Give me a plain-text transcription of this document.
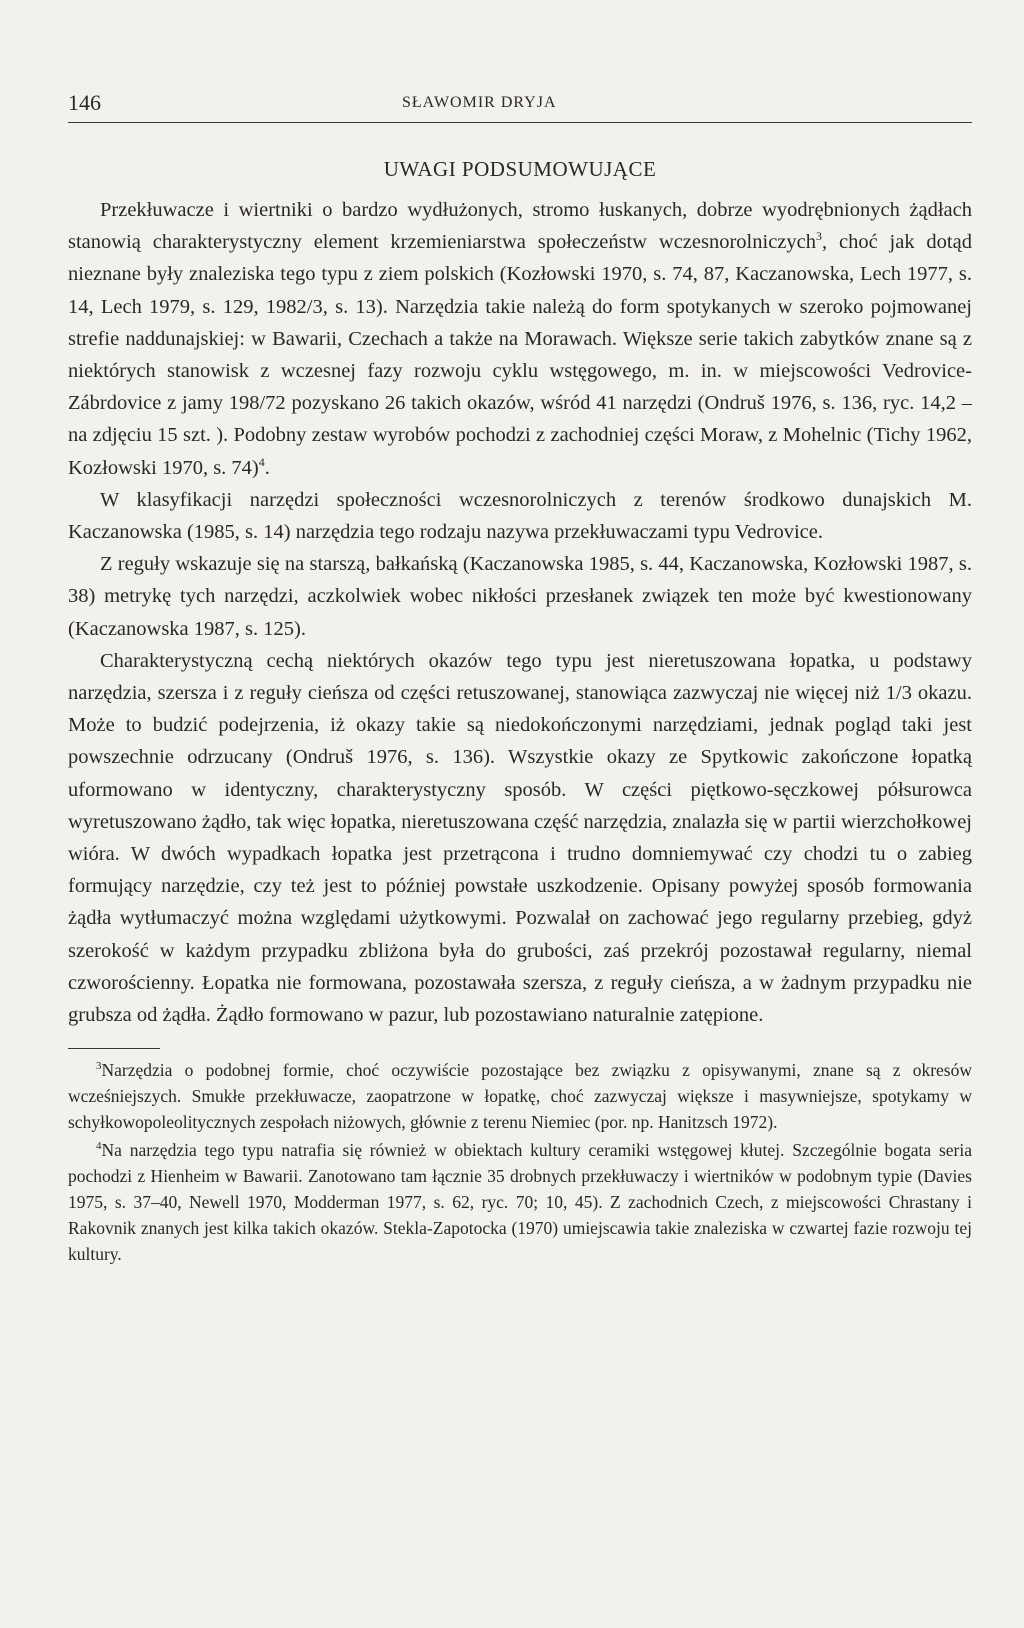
146	SŁAWOMIR DRYJA
UWAGI PODSUMOWUJĄCE

Przekłuwacze i wiertniki o bardzo wydłużonych, stromo łuskanych, dobrze wyodrębnionych żądłach stanowią charakterystyczny element krzemieniarstwa społeczeństw wczesnorolniczych$^3$, choć jak dotąd nieznane były znaleziska tego typu z ziem polskich (Kozłowski 1970, s. 74, 87, Kaczanowska, Lech 1977, s. 14, Lech 1979, s. 129, 1982/3, s. 13). Narzędzia takie należą do form spotykanych w szeroko pojmowanej strefie naddunajskiej: w Bawarii, Czechach a także na Morawach. Większe serie takich zabytków znane są z niektórych stanowisk z wczesnej fazy rozwoju cyklu wstęgowego, m. in. w miejscowości Vedrovice-Zábrdovice z jamy 198/72 pozyskano 26 takich okazów, wśród 41 narzędzi (Ondruš 1976, s. 136, ryc. 14,2 – na zdjęciu 15 szt. ). Podobny zestaw wyrobów pochodzi z zachodniej części Moraw, z Mohelnic (Tichy 1962, Kozłowski 1970, s. 74)$^4$.

W klasyfikacji narzędzi społeczności wczesnorolniczych z terenów środkowo dunajskich M. Kaczanowska (1985, s. 14) narzędzia tego rodzaju nazywa przekłuwaczami typu Vedrovice.

Z reguły wskazuje się na starszą, bałkańską (Kaczanowska 1985, s. 44, Kaczanowska, Kozłowski 1987, s. 38) metrykę tych narzędzi, aczkolwiek wobec nikłości przesłanek związek ten może być kwestionowany (Kaczanowska 1987, s. 125).

Charakterystyczną cechą niektórych okazów tego typu jest nieretuszowana łopatka, u podstawy narzędzia, szersza i z reguły cieńsza od części retuszowanej, stanowiąca zazwyczaj nie więcej niż 1/3 okazu. Może to budzić podejrzenia, iż okazy takie są niedokończonymi narzędziami, jednak pogląd taki jest powszechnie odrzucany (Ondruš 1976, s. 136). Wszystkie okazy ze Spytkowic zakończone łopatką uformowano w identyczny, charakterystyczny sposób. W części piętkowo-sęczkowej półsurowca wyretuszowano żądło, tak więc łopatka, nieretuszowana część narzędzia, znalazła się w partii wierzchołkowej wióra. W dwóch wypadkach łopatka jest przetrącona i trudno domniemywać czy chodzi tu o zabieg formujący narzędzie, czy też jest to później powstałe uszkodzenie. Opisany powyżej sposób formowania żądła wytłumaczyć można względami użytkowymi. Pozwalał on zachować jego regularny przebieg, gdyż szerokość w każdym przypadku zbliżona była do grubości, zaś przekrój pozostawał regularny, niemal czworościenny. Łopatka nie formowana, pozostawała szersza, z reguły cieńsza, a w żadnym przypadku nie grubsza od żądła. Żądło formowano w pazur, lub pozostawiano naturalnie zatępione.

$^3$Narzędzia o podobnej formie, choć oczywiście pozostające bez związku z opisywanymi, znane są z okresów wcześniejszych. Smukłe przekłuwacze, zaopatrzone w łopatkę, choć zazwyczaj większe i masywniejsze, spotykamy w schyłkowopoleolitycznych zespołach niżowych, głównie z terenu Niemiec (por. np. Hanitzsch 1972).

$^4$Na narzędzia tego typu natrafia się również w obiektach kultury ceramiki wstęgowej kłutej. Szczególnie bogata seria pochodzi z Hienheim w Bawarii. Zanotowano tam łącznie 35 drobnych przekłuwaczy i wiertników w podobnym typie (Davies 1975, s. 37–40, Newell 1970, Modderman 1977, s. 62, ryc. 70; 10, 45). Z zachodnich Czech, z miejscowości Chrastany i Rakovnik znanych jest kilka takich okazów. Stekla-Zapotocka (1970) umiejscawia takie znaleziska w czwartej fazie rozwoju tej kultury.
